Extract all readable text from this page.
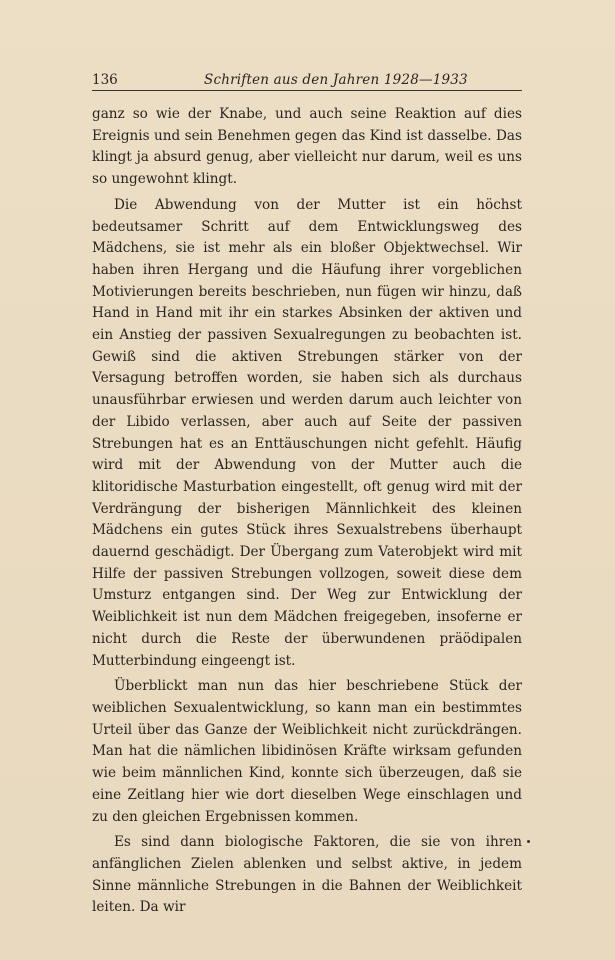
136	Schriften aus den Jahren 1928—1933

ganz so wie der Knabe, und auch seine Reaktion auf dies Ereignis und sein Benehmen gegen das Kind ist dasselbe. Das klingt ja absurd genug, aber vielleicht nur darum, weil es uns so ungewohnt klingt.

Die Abwendung von der Mutter ist ein höchst bedeutsamer Schritt auf dem Entwicklungsweg des Mädchens, sie ist mehr als ein bloßer Objektwechsel. Wir haben ihren Hergang und die Häufung ihrer vorgeblichen Motivierungen bereits beschrieben, nun fügen wir hinzu, daß Hand in Hand mit ihr ein starkes Absinken der aktiven und ein Anstieg der passiven Sexualregungen zu beobachten ist. Gewiß sind die aktiven Strebungen stärker von der Versagung betroffen worden, sie haben sich als durchaus unausführbar erwiesen und werden darum auch leichter von der Libido verlassen, aber auch auf Seite der passiven Strebungen hat es an Enttäuschungen nicht gefehlt. Häufig wird mit der Abwendung von der Mutter auch die klitoridische Masturbation eingestellt, oft genug wird mit der Verdrängung der bisherigen Männlichkeit des kleinen Mädchens ein gutes Stück ihres Sexualstrebens überhaupt dauernd geschädigt. Der Übergang zum Vaterobjekt wird mit Hilfe der passiven Strebungen vollzogen, soweit diese dem Umsturz entgangen sind. Der Weg zur Entwicklung der Weiblichkeit ist nun dem Mädchen freigegeben, insoferne er nicht durch die Reste der überwundenen präödipalen Mutterbindung eingeengt ist.

Überblickt man nun das hier beschriebene Stück der weiblichen Sexualentwicklung, so kann man ein bestimmtes Urteil über das Ganze der Weiblichkeit nicht zurückdrängen. Man hat die nämlichen libidinösen Kräfte wirksam gefunden wie beim männlichen Kind, konnte sich überzeugen, daß sie eine Zeitlang hier wie dort dieselben Wege einschlagen und zu den gleichen Ergebnissen kommen.

Es sind dann biologische Faktoren, die sie von ihren anfänglichen Zielen ablenken und selbst aktive, in jedem Sinne männliche Strebungen in die Bahnen der Weiblichkeit leiten. Da wir
